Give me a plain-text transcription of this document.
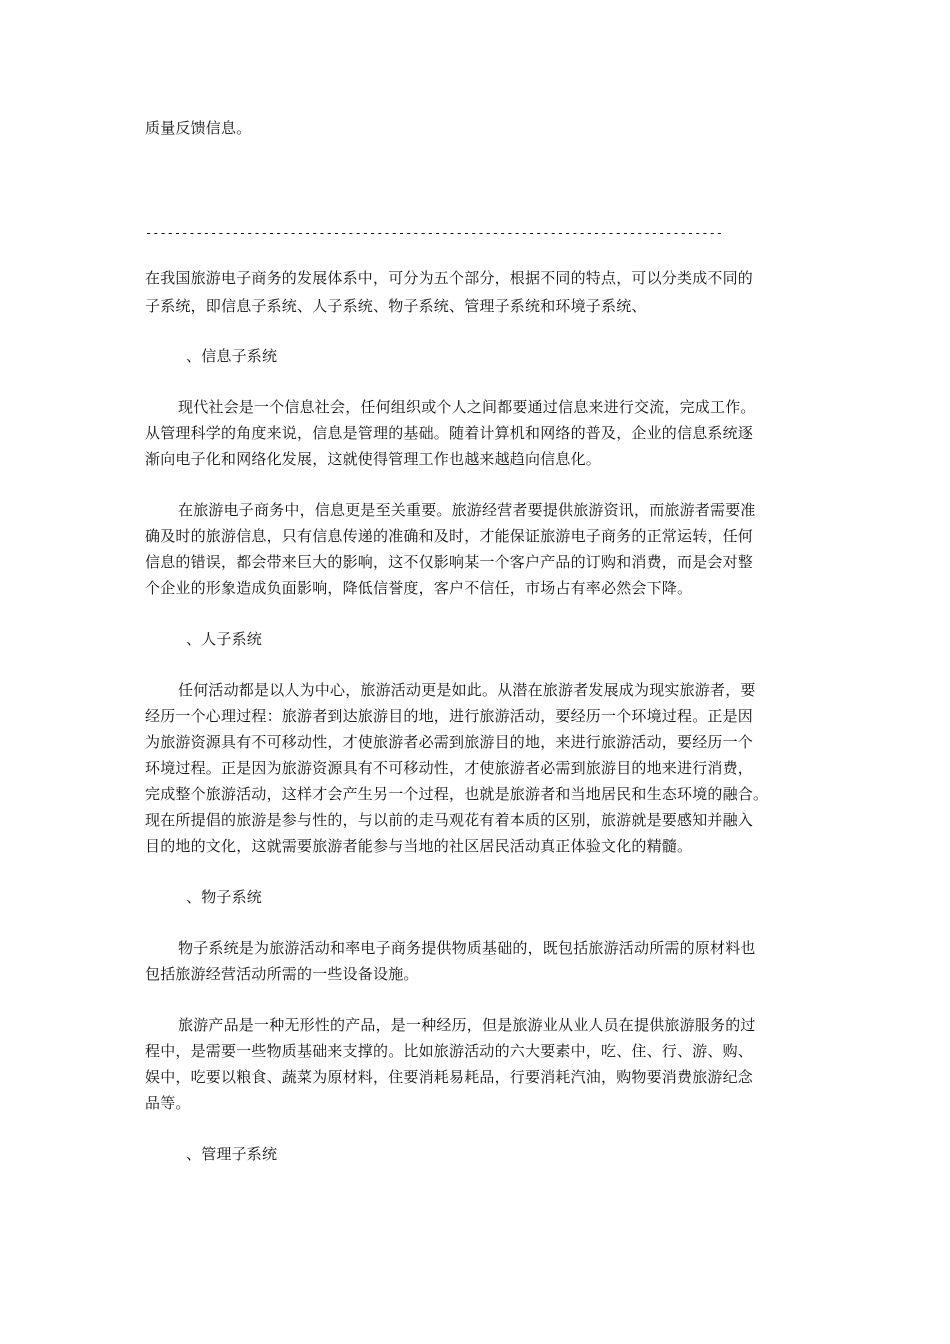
质量反馈信息。
--------------------------------------------------------------------------------
在我国旅游电子商务的发展体系中，可分为五个部分，根据不同的特点，可以分类成不同的
子系统，即信息子系统、人子系统、物子系统、管理子系统和环境子系统、
、信息子系统
现代社会是一个信息社会，任何组织或个人之间都要通过信息来进行交流，完成工作。
从管理科学的角度来说，信息是管理的基础。随着计算机和网络的普及，企业的信息系统逐
渐向电子化和网络化发展，这就使得管理工作也越来越趋向信息化。
在旅游电子商务中，信息更是至关重要。旅游经营者要提供旅游资讯，而旅游者需要准
确及时的旅游信息，只有信息传递的准确和及时，才能保证旅游电子商务的正常运转，任何
信息的错误，都会带来巨大的影响，这不仅影响某一个客户产品的订购和消费，而是会对整
个企业的形象造成负面影响，降低信誉度，客户不信任，市场占有率必然会下降。
、人子系统
任何活动都是以人为中心，旅游活动更是如此。从潜在旅游者发展成为现实旅游者，要
经历一个心理过程：旅游者到达旅游目的地，进行旅游活动，要经历一个环境过程。正是因
为旅游资源具有不可移动性，才使旅游者必需到旅游目的地，来进行旅游活动，要经历一个
环境过程。正是因为旅游资源具有不可移动性，才使旅游者必需到旅游目的地来进行消费，
完成整个旅游活动，这样才会产生另一个过程，也就是旅游者和当地居民和生态环境的融合。
现在所提倡的旅游是参与性的，与以前的走马观花有着本质的区别，旅游就是要感知并融入
目的地的文化，这就需要旅游者能参与当地的社区居民活动真正体验文化的精髓。
、物子系统
物子系统是为旅游活动和率电子商务提供物质基础的，既包括旅游活动所需的原材料也
包括旅游经营活动所需的一些设备设施。
旅游产品是一种无形性的产品，是一种经历，但是旅游业从业人员在提供旅游服务的过
程中，是需要一些物质基础来支撑的。比如旅游活动的六大要素中，吃、住、行、游、购、
娱中，吃要以粮食、蔬菜为原材料，住要消耗易耗品，行要消耗汽油，购物要消费旅游纪念
品等。
、管理子系统
